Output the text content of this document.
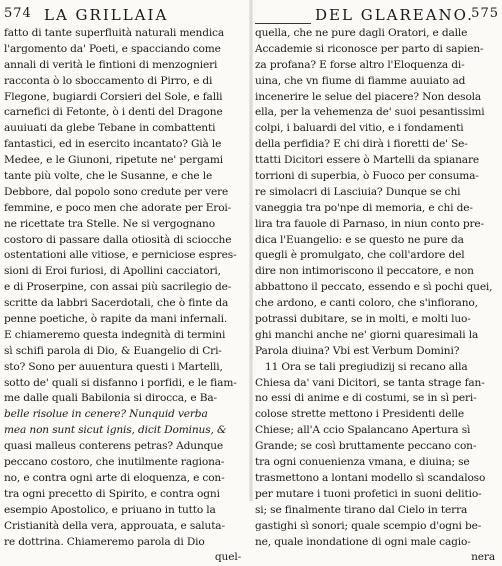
574 LA GRILLAIA
fatto di tante superfluità naturali mendica
l'argomento da' Poeti, e spacciando come
annali di verità le fintioni di menzognieri
racconta ò lo sboccamento di Pirro, e di
Flegone, bugiardi Corsieri del Sole, e falli
carnefici di Fetonte, ò i denti del Dragone
auuiuati da glebe Tebane in combattenti
fantastici, ed in esercito incantato? Già le
Medee, e le Giunoni, ripetute ne' pergami
tante più volte, che le Susanne, e che le
Debbore, dal popolo sono credute per vere
femmine, e poco men che adorate per Eroi-
ne ricettate tra Stelle. Ne si vergognano
costoro di passare dalla otiosità di sciocche
ostentationi alle vitiose, e perniciose espres-
sioni di Eroi furiosi, di Apollini cacciatori,
e di Proserpine, con assai più sacrilegio de-
scritte da labbri Sacerdotali, che ò finte da
penne poetiche, ò rapite da mani infernali.
E chiameremo questa indegnità di termini
sì schifi parola di Dio, & Euangelio di Cri-
sto? Sono per auuentura questi i Martelli,
sotto de' quali si disfanno i porfidi, e le fiam-
me dalle quali Babilonia si dirocca, e Ba-
belle risolue in cenere? Nunquid verba
mea non sunt sicut ignis, dicit Dominus, &
quasi malleus conterens petras? Adunque
peccano costoro, che inutilmente ragiona-
no, e contra ogni arte di eloquenza, e con-
tra ogni precetto di Spirito, e contra ogni
esempio Apostolico, e priuano in tutto la
Cristianità della vera, approuata, e saluta-
re dottrina. Chiameremo parola di Dio
quel-
DEL GLAREANO.
575
quella, che ne pure dagli Oratori, e dalle
Accademie si riconosce per parto di sapien-
za profana? E forse altro l'Eloquenza di-
uina, che vn fiume di fiamme auuiato ad
incenerire le selue del piacere? Non desola
ella, per la vehemenza de' suoi pesantissimi
colpi, i baluardi del vitio, e i fondamenti
della perfidia? E chi dirà i fioretti de' Se-
ttatti Dicitori essere ò Martelli da spianare
torrioni di superbia, ò Fuoco per consuma-
re simolacri di Lasciuia? Dunque se chi
vaneggia tra po'npe di memoria, e chi de-
lira tra fauole di Parnaso, in niun conto pre-
dica l'Euangelio: e se questo ne pure da
quegli è promulgato, che coll'ardore del
dire non intimoriscono il peccatore, e non
abbattono il peccato, essendo e sì pochi quei,
che ardono, e canti coloro, che s'infiorano,
potrassi dubitare, se in molti, e molti luo-
ghi manchi anche ne' giorni quaresimali la
Parola diuina? Vbi est Verbum Domini?
11 Ora se tali pregiudizij si recano alla
Chiesa da' vani Dicitori, se tanta strage fan-
no essi di anime e di costumi, se in sì peri-
colose strette mettono i Presidenti delle
Chiese; all'A ccio Spalancano Apertura sì
Grande; se così bruttamente peccano con-
tra ogni conuenienza vmana, e diuina; se
trasmettono a lontani modello sì scandaloso
per mutare i tuoni profetici in suoni delitio-
si; se finalmente tirano dal Cielo in terra
gastighi sì sonori; quale scempio d'ogni be-
ne, quale inondatione di ogni male cagio-
nera
